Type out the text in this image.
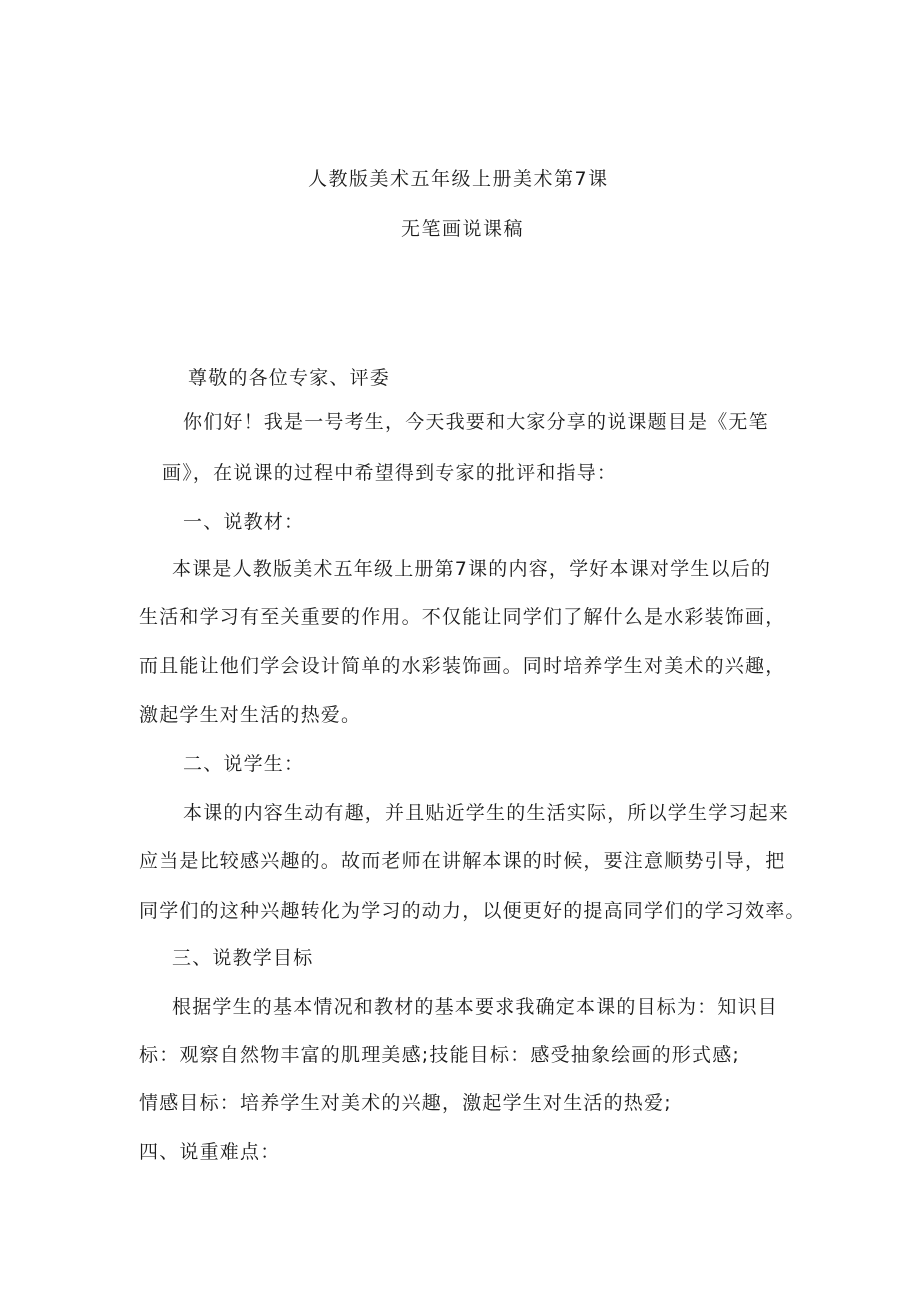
人教版美术五年级上册美术第7课
无笔画说课稿
尊敬的各位专家、评委
你们好！我是一号考生，今天我要和大家分享的说课题目是《无笔
画》，在说课的过程中希望得到专家的批评和指导：
一、说教材：
本课是人教版美术五年级上册第7课的内容，学好本课对学生以后的
生活和学习有至关重要的作用。不仅能让同学们了解什么是水彩装饰画，
而且能让他们学会设计简单的水彩装饰画。同时培养学生对美术的兴趣，
激起学生对生活的热爱。
二、说学生：
本课的内容生动有趣，并且贴近学生的生活实际，所以学生学习起来
应当是比较感兴趣的。故而老师在讲解本课的时候，要注意顺势引导，把
同学们的这种兴趣转化为学习的动力，以便更好的提高同学们的学习效率。
三、说教学目标
根据学生的基本情况和教材的基本要求我确定本课的目标为：知识目
标：观察自然物丰富的肌理美感;技能目标：感受抽象绘画的形式感;
情感目标：培养学生对美术的兴趣，激起学生对生活的热爱;
四、说重难点：
